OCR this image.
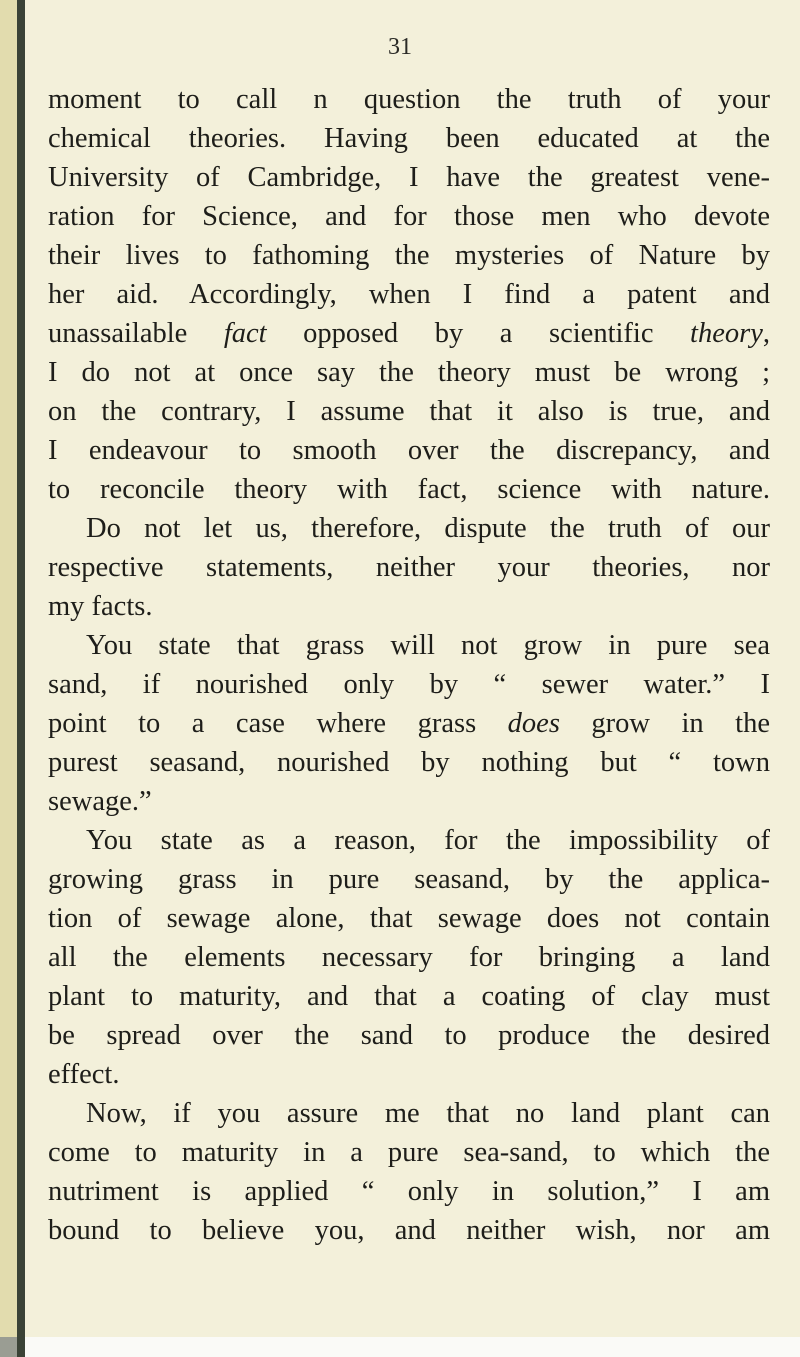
31
moment to call n question the truth of your
chemical theories. Having been educated at the
University of Cambridge, I have the greatest vene-
ration for Science, and for those men who devote
their lives to fathoming the mysteries of Nature by
her aid. Accordingly, when I find a patent and
unassailable fact opposed by a scientific theory,
I do not at once say the theory must be wrong ;
on the contrary, I assume that it also is true, and
I endeavour to smooth over the discrepancy, and
to reconcile theory with fact, science with nature.
Do not let us, therefore, dispute the truth of our
respective statements, neither your theories, nor
my facts.
You state that grass will not grow in pure sea
sand, if nourished only by “ sewer water.” I
point to a case where grass does grow in the
purest seasand, nourished by nothing but “ town
sewage.”
You state as a reason, for the impossibility of
growing grass in pure seasand, by the applica-
tion of sewage alone, that sewage does not contain
all the elements necessary for bringing a land
plant to maturity, and that a coating of clay must
be spread over the sand to produce the desired
effect.
Now, if you assure me that no land plant can
come to maturity in a pure sea-sand, to which the
nutriment is applied “ only in solution,” I am
bound to believe you, and neither wish, nor am
